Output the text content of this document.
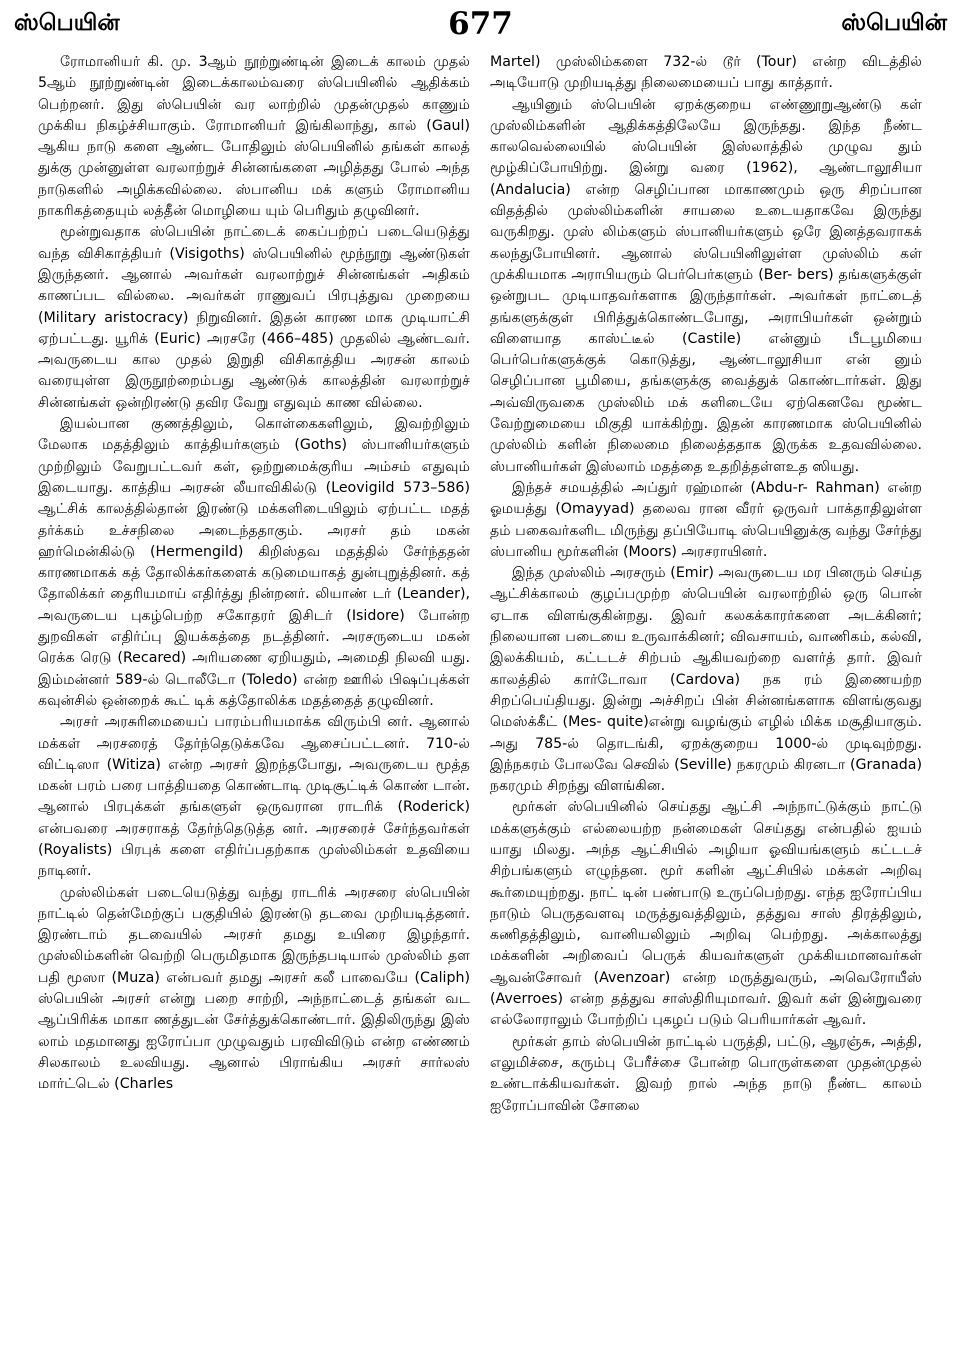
ஸ்பெயின்	677	ஸ்பெயின்

ரோமானியர் கி. மு. 3ஆம் நூற்றுண்டின் இடைக் காலம் முதல் 5ஆம் நூற்றுண்டின் இடைக்காலம்வரை ஸ்பெயினில் ஆதிக்கம் பெற்றனர். இது ஸ்பெயின் வர லாற்றில் முதன்முதல் காணும் முக்கிய நிகழ்ச்சியாகும். ரோமானியர் இங்கிலாந்து, கால் (Gaul) ஆகிய நாடு களை ஆண்ட போதிலும் ஸ்பெயினில் தங்கள் காலத் துக்கு முன்னுள்ள வரலாற்றுச் சின்னங்களை அழித்தது போல் அந்த நாடுகளில் அழிக்கவில்லை. ஸ்பானிய மக் களும் ரோமானிய நாகரிகத்தையும் லத்தீன் மொழியை யும் பெரிதும் தழுவினர்.

மூன்றுவதாக ஸ்பெயின் நாட்டைக் கைப்பற்றப் படையெடுத்து வந்த விசிகாத்தியர் (Visigoths) ஸ்பெயினில் மூந்நூறு ஆண்டுகள் இருந்தனர். ஆனால் அவர்கள் வரலாற்றுச் சின்னங்கள் அதிகம் காணப்பட வில்லை. அவர்கள் ராணுவப் பிரபுத்துவ முறையை (Military aristocracy) நிறுவினர். இதன் காரண மாக முடியாட்சி ஏற்பட்டது. யூரிக் (Euric) அரசரே (466–485) முதலில் ஆண்டவர். அவருடைய கால முதல் இறுதி விசிகாத்திய அரசன் காலம் வரையுள்ள இருநூற்றைம்பது ஆண்டுக் காலத்தின் வரலாற்றுச் சின்னங்கள் ஒன்றிரண்டு தவிர வேறு எதுவும் காண வில்லை.

இயல்பான குணத்திலும், கொள்கைகளிலும், இவற்றிலும் மேலாக மதத்திலும் காத்தியர்களும் (Goths) ஸ்பானியர்களும் முற்றிலும் வேறுபட்டவர் கள், ஒற்றுமைக்குரிய அம்சம் எதுவும் இடையாது. காத்திய அரசன் லீயாவிகில்டு (Leovigild 573–586) ஆட்சிக் காலத்தில்தான் இரண்டு மக்களிடையிலும் ஏற்பட்ட மதத் தர்க்கம் உச்சநிலை அடைந்ததாகும். அரசர் தம் மகன் ஹர்மென்கில்டு (Hermengild) கிறிஸ்தவ மதத்தில் சேர்ந்ததன் காரணமாகக் கத் தோலிக்கர்களைக் கடுமையாகத் துன்புறுத்தினர். கத் தோலிக்கர் தைரியமாய் எதிர்த்து நின்றனர். லியாண் டர் (Leander), அவருடைய புகழ்பெற்ற சகோதரர் இசிடர் (Isidore) போன்ற துறவிகள் எதிர்ப்பு இயக்கத்தை நடத்தினர். அரசருடைய மகன் ரெக்க ரெடு (Recared) அரியணை ஏறியதும், அமைதி நிலவி யது. இம்மன்னர் 589-ல் டொலீடோ (Toledo) என்ற ஊரில் பிஷப்புக்கள் கவுன்சில் ஒன்றைக் கூட் டிக் கத்தோலிக்க மதத்தைத் தழுவினர்.

அரசர் அரசுரிமையைப் பாரம்பரியமாக்க விரும்பி னர். ஆனால் மக்கள் அரசரைத் தேர்ந்தெடுக்கவே ஆசைப்பட்டனர். 710-ல் விட்டிஸா (Witiza) என்ற அரசர் இறந்தபோது, அவருடைய மூத்த மகன் பரம் பரை பாத்தியதை கொண்டாடி முடிசூட்டிக் கொண் டான். ஆனால் பிரபுக்கள் தங்களுள் ஒருவரான ராடரிக் (Roderick) என்பவரை அரசராகத் தேர்ந்தெடுத்த னர். அரசரைச் சேர்ந்தவர்கள் (Royalists) பிரபுக் களை எதிர்ப்பதற்காக முஸ்லிம்கள் உதவியை நாடினர்.

முஸ்லிம்கள் படையெடுத்து வந்து ராடரிக் அரசரை ஸ்பெயின் நாட்டில் தென்மேற்குப் பகுதியில் இரண்டு தடவை முறியடித்தனர். இரண்டாம் தடவையில் அரசர் தமது உயிரை இழந்தார். முஸ்லிம்களின் வெற்றி பெருமிதமாக இருந்தபடியால் முஸ்லிம் தள பதி மூஸா (Muza) என்பவர் தமது அரசர் கலீ பாவையே (Caliph) ஸ்பெயின் அரசர் என்று பறை சாற்றி, அந்நாட்டைத் தங்கள் வட ஆப்பிரிக்க மாகா ணத்துடன் சேர்த்துக்கொண்டார். இதிலிருந்து இஸ் லாம் மதமானது ஐரோப்பா முழுவதும் பரவிவிடும் என்ற எண்ணம் சிலகாலம் உலவியது. ஆனால் பிராங்கிய அரசர் சார்லஸ் மார்ட்டெல் (Charles

Martel) முஸ்லிம்களை 732-ல் டூர் (Tour) என்ற விடத்தில் அடியோடு முறியடித்து நிலைமையைப் பாது காத்தார்.

ஆயினும் ஸ்பெயின் ஏறக்குறைய எண்ணூறுஆண்டு கள் முஸ்லிம்களின் ஆதிக்கத்திலேயே இருந்தது. இந்த நீண்ட காலவெல்லையில் ஸ்பெயின் இஸ்லாத்தில் முழுவ தும் மூழ்கிப்போயிற்று. இன்று வரை (1962), ஆண்டாலூசியா (Andalucia) என்ற செழிப்பான மாகாணமும் ஒரு சிறப்பான விதத்தில் முஸ்லிம்களின் சாயலை உடையதாகவே இருந்து வருகிறது. முஸ் லிம்களும் ஸ்பானியர்களும் ஒரே இனத்தவராகக் கலந்துபோயினர். ஆனால் ஸ்பெயினிலுள்ள முஸ்லிம் கள் முக்கியமாக அராபியரும் பெர்பெர்களும் (Ber- bers) தங்களுக்குள் ஒன்றுபட முடியாதவர்களாக இருந்தார்கள். அவர்கள் நாட்டைத் தங்களுக்குள் பிரித்துக்கொண்டபோது, அராபியர்கள் ஒன்றும் விளையாத காஸ்ட்டீல் (Castile) என்னும் பீடபூமியை பெர்பெர்களுக்குக் கொடுத்து, ஆண்டாலூசியா என் னும் செழிப்பான பூமியை, தங்களுக்கு வைத்துக் கொண்டார்கள். இது அவ்விருவகை முஸ்லிம் மக் களிடையே ஏற்கெனவே மூண்ட வேற்றுமையை மிகுதி யாக்கிற்று. இதன் காரணமாக ஸ்பெயினில் முஸ்லிம் களின் நிலைமை நிலைத்ததாக இருக்க உதவவில்லை. ஸ்பானியர்கள் இஸ்லாம் மதத்தை உதறித்தள்ளஉத ஸியது.

இந்தச் சமயத்தில் அப்துர் ரஹ்மான் (Abdu-r- Rahman) என்ற ஓமயத்து (Omayyad) தலைவ ரான வீரர் ஒருவர் பாக்தாதிலுள்ள தம் பகைவர்களிட மிருந்து தப்பியோடி ஸ்பெயினுக்கு வந்து சேர்ந்து ஸ்பானிய மூர்களின் (Moors) அரசராயினர்.

இந்த முஸ்லிம் அரசரும் (Emir) அவருடைய மர பினரும் செய்த ஆட்சிக்காலம் குழப்பமுற்ற ஸ்பெயின் வரலாற்றில் ஒரு பொன் ஏடாக விளங்குகின்றது. இவர் கலகக்காரர்களை அடக்கினர்; நிலையான படையை உருவாக்கினர்; விவசாயம், வாணிகம், கல்வி, இலக்கியம், கட்டடச் சிற்பம் ஆகியவற்றை வளர்த் தார். இவர் காலத்தில் கார்டோவா (Cardova) நக ரம் இணையற்ற சிறப்பெய்தியது. இன்று அச்சிறப் பின் சின்னங்களாக விளங்குவது மெஸ்க்கீட் (Mes- quite)என்று வழங்கும் எழில் மிக்க மசூதியாகும். அது 785-ல் தொடங்கி, ஏறக்குறைய 1000-ல் முடிவுற்றது. இந்நகரம் போலவே செவில் (Seville) நகரமும் கிரனடா (Granada) நகரமும் சிறந்து விளங்கின.

மூர்கள் ஸ்பெயினில் செய்தது ஆட்சி அந்நாட்டுக்கும் நாட்டு மக்களுக்கும் எல்லையற்ற நன்மைகள் செய்தது என்பதில் ஐயம் யாது மிலது. அந்த ஆட்சியில் அழியா ஓவியங்களும் கட்டடச் சிற்பங்களும் எழுந்தன. மூர் களின் ஆட்சியில் மக்கள் அறிவு கூர்மையுற்றது. நாட் டின் பண்பாடு உருப்பெற்றது. எந்த ஐரோப்பிய நாடும் பெருதவளவு மருத்துவத்திலும், தத்துவ சாஸ் திரத்திலும், கணிதத்திலும், வானியலிலும் அறிவு பெற்றது. அக்காலத்து மக்களின் அறிவைப் பெருக் கியவர்களுள் முக்கியமானவர்கள் ஆவன்சோவர் (Avenzoar) என்ற மருத்துவரும், அவெரோயீஸ் (Averroes) என்ற தத்துவ சாஸ்திரியுமாவர். இவர் கள் இன்றுவரை எல்லோராலும் போற்றிப் புகழப் படும் பெரியார்கள் ஆவர்.

மூர்கள் தாம் ஸ்பெயின் நாட்டில் பருத்தி, பட்டு, ஆரஞ்சு, அத்தி, எலுமிச்சை, கரும்பு பேரீச்சை போன்ற பொருள்களை முதன்முதல் உண்டாக்கியவர்கள். இவற் றால் அந்த நாடு நீண்ட காலம் ஐரோப்பாவின் சோலை
